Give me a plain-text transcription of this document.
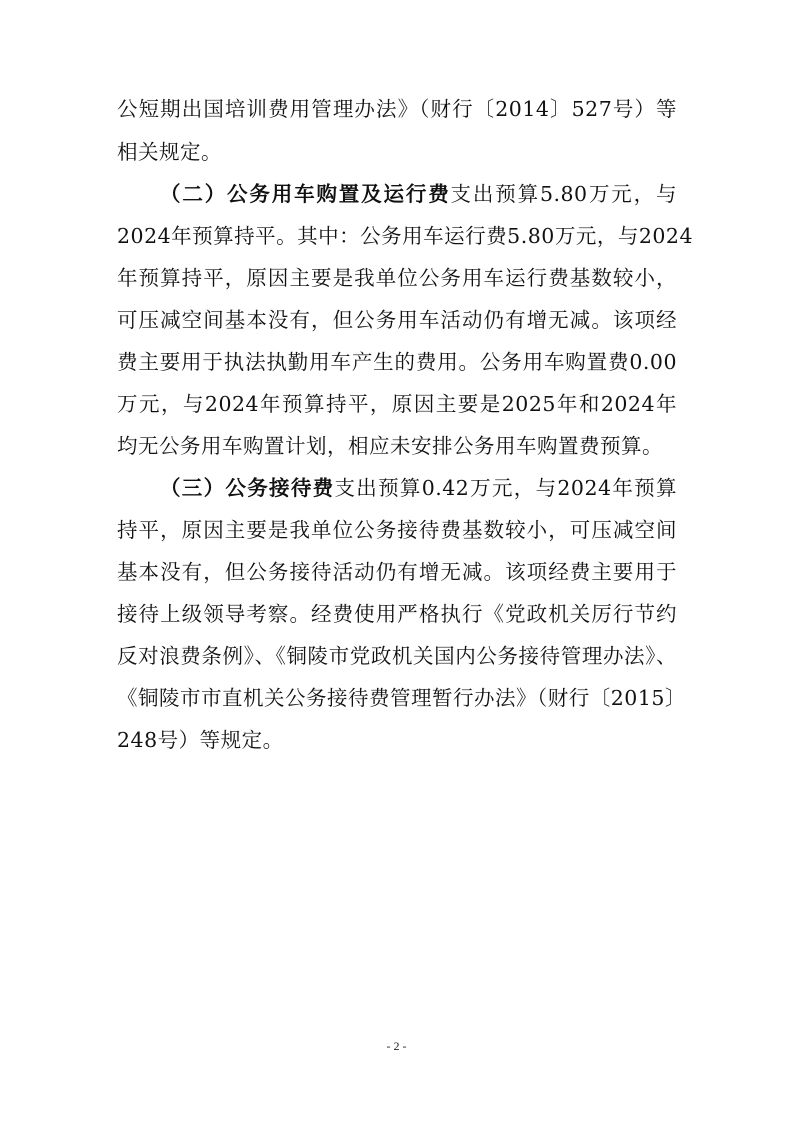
公短期出国培训费用管理办法》（财行〔2014〕527号）等
相关规定。
（二）公务用车购置及运行费支出预算5.80万元，与
2024年预算持平。其中：公务用车运行费5.80万元，与2024
年预算持平，原因主要是我单位公务用车运行费基数较小，
可压减空间基本没有，但公务用车活动仍有增无减。该项经
费主要用于执法执勤用车产生的费用。公务用车购置费0.00
万元，与2024年预算持平，原因主要是2025年和2024年
均无公务用车购置计划，相应未安排公务用车购置费预算。
（三）公务接待费支出预算0.42万元，与2024年预算
持平，原因主要是我单位公务接待费基数较小，可压减空间
基本没有，但公务接待活动仍有增无减。该项经费主要用于
接待上级领导考察。经费使用严格执行《党政机关厉行节约
反对浪费条例》、《铜陵市党政机关国内公务接待管理办法》、
《铜陵市市直机关公务接待费管理暂行办法》（财行〔2015〕
248号）等规定。
- 2 -
